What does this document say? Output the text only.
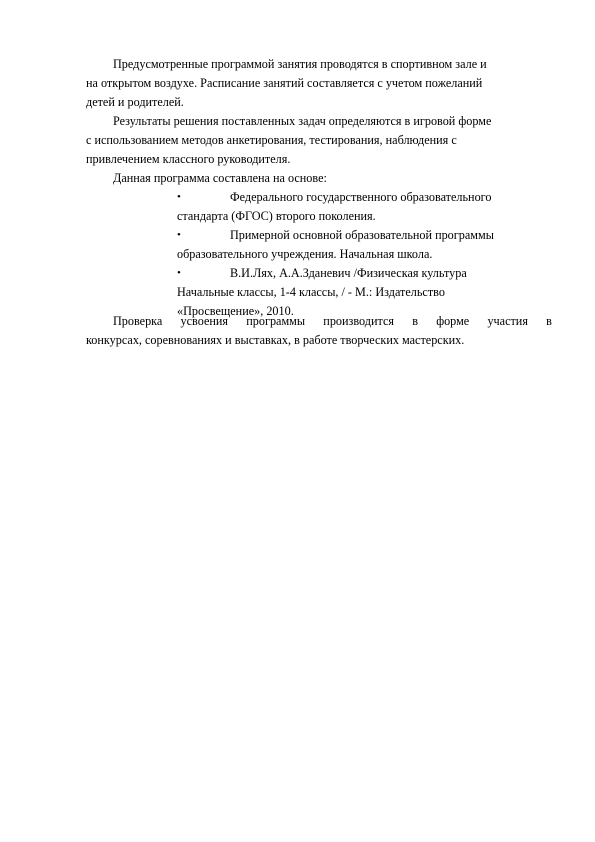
Предусмотренные программой занятия проводятся в спортивном зале и
на открытом воздухе. Расписание занятий составляется с учетом пожеланий
детей и родителей.
Результаты решения поставленных задач определяются в игровой форме
с использованием методов анкетирования, тестирования, наблюдения с
привлечением классного руководителя.
Данная программа составлена на основе:
•	Федерального государственного образовательного
стандарта (ФГОС) второго поколения.
•	Примерной основной образовательной программы
образовательного учреждения. Начальная школа.
•	В.И.Лях, А.А.Зданевич /Физическая культура
Начальные классы, 1-4 классы, / - М.: Издательство
«Просвещение», 2010.
Проверка усвоения программы производится в форме участия в
конкурсах, соревнованиях и выставках, в работе творческих мастерских.
